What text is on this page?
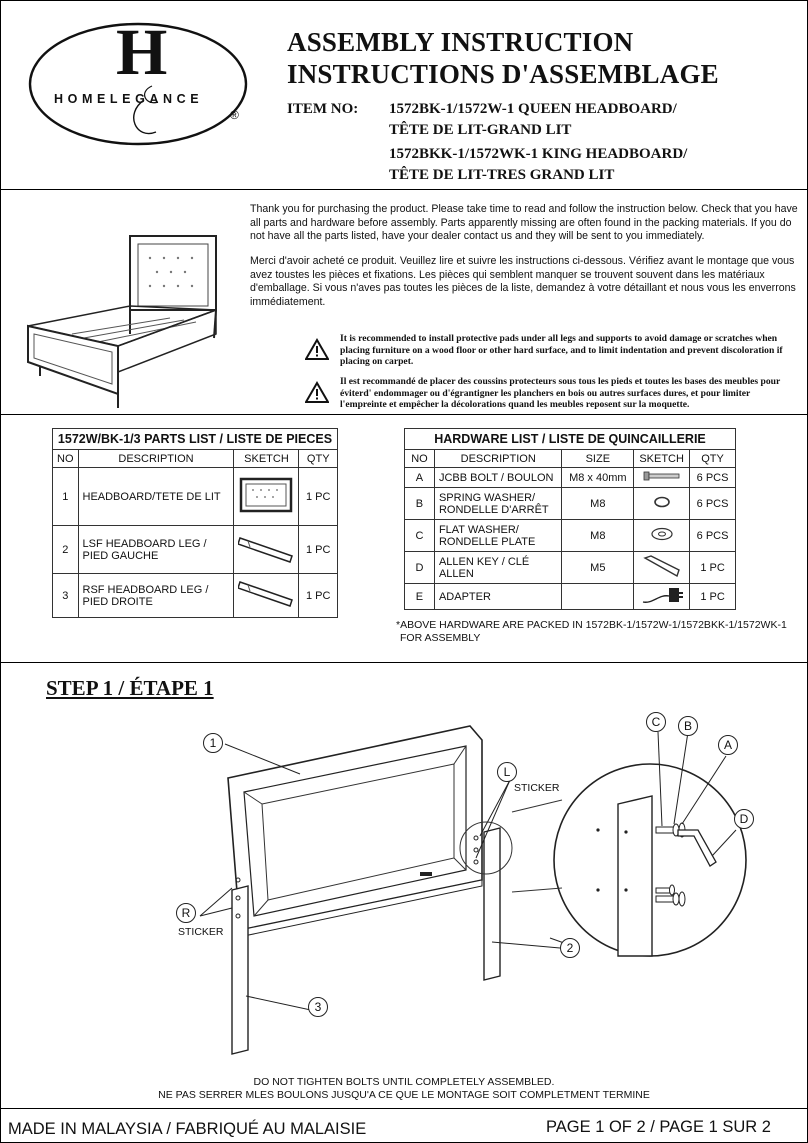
H
HOMELEGANCE
®
ASSEMBLY INSTRUCTION
INSTRUCTIONS D'ASSEMBLAGE
ITEM NO: 1572BK-1/1572W-1 QUEEN HEADBOARD/
TÊTE DE LIT-GRAND LIT
1572BKK-1/1572WK-1 KING HEADBOARD/
TÊTE DE LIT-TRES GRAND LIT
Thank you for purchasing the product. Please take time to read and follow the instruction below. Check that you have all parts and hardware before assembly. Parts apparently missing are often found in the packing materials. If you do not have all the parts listed, have your dealer contact us and they will be sent to you immediately.
Merci d'avoir acheté ce produit. Veuillez lire et suivre les instructions ci-dessous. Vérifiez avant le montage que vous avez toustes les pièces et fixations. Les pièces qui semblent manquer se trouvent souvent dans les matériaux d'emballage. Si vous n'aves pas toutes les pièces de la liste, demandez à votre détaillant et nous vous les enverrons immédiatement.
It is recommended to install protective pads under all legs and supports to avoid damage or scratches when placing furniture on a wood floor or other hard surface, and to limit indentation and prevent discoloration if placing on carpet.
Il est recommandé de placer des coussins protecteurs sous tous les pieds et toutes les bases des meubles pour éviterd' endommager ou d'égrantigner les planchers en bois ou autres surfaces dures, et pour limiter l'empreinte et empêcher la décolorations quand les meubles reposent sur la moquette.
1572W/BK-1/3 PARTS LIST / LISTE DE PIECES			
NO	DESCRIPTION	SKETCH	QTY
1	HEADBOARD/TETE DE LIT		1 PC
2	LSF HEADBOARD LEG / PIED GAUCHE		1 PC
3	RSF HEADBOARD LEG / PIED DROITE		1 PC
HARDWARE LIST / LISTE DE QUINCAILLERIE				
NO	DESCRIPTION	SIZE	SKETCH	QTY
A	JCBB BOLT / BOULON	M8 x 40mm		6 PCS
B	SPRING WASHER/ RONDELLE D'ARRÊT	M8		6 PCS
C	FLAT WASHER/ RONDELLE PLATE	M8		6 PCS
D	ALLEN KEY / CLÉ ALLEN	M5		1 PC
E	ADAPTER			1 PC
*ABOVE HARDWARE ARE PACKED IN 1572BK-1/1572W-1/1572BKK-1/1572WK-1
FOR ASSEMBLY
STEP 1 / ÉTAPE 1
1
L
STICKER
C	B
A
D
R
STICKER
2
3
DO NOT TIGHTEN BOLTS UNTIL COMPLETELY ASSEMBLED.
NE PAS SERRER MLES BOULONS JUSQU'A CE QUE LE MONTAGE SOIT COMPLETMENT TERMINE
MADE IN MALAYSIA / FABRIQUÉ AU MALAISIE	PAGE 1 OF 2 / PAGE 1 SUR 2
